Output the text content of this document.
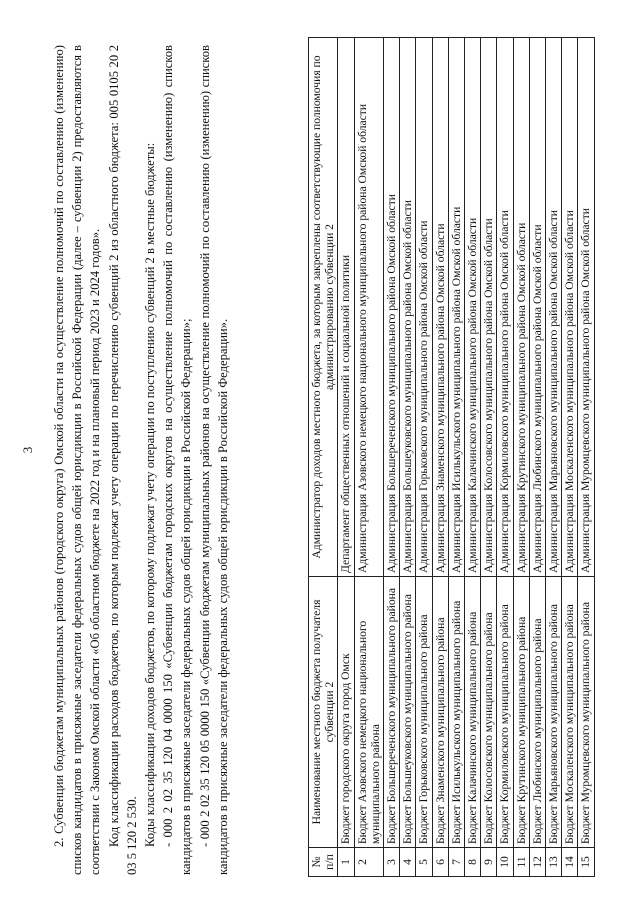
3 2. Субвенции бюджетам муниципальных районов (городского округа) Омской области на осуществление полномочий по составлению (изменению) списков кандидатов в присяжные заседатели федеральных судов общей юрисдикции в Российской Федерации (далее – субвенции 2) предоставляются в соответствии с Законом Омской области «Об областном бюджете на 2022 год и на плановый период 2023 и 2024 годов». Код классификации расходов бюджетов, по которым подлежат учету операции по перечислению субвенций 2 из областного бюджета: 005 0105 20 2 03 5 120 2 530. Коды классификации доходов бюджетов, по которому подлежат учету операции по поступлению субвенций 2 в местные бюджеты: - 000 2 02 35 120 04 0000 150 «Субвенции бюджетам городских округов на осуществление полномочий по составлению (изменению) списков кандидатов в присяжные заседатели федеральных судов общей юрисдикции в Российской Федерации»; - 000 2 02 35 120 05 0000 150 «Субвенции бюджетам муниципальных районов на осуществление полномочий по составлению (изменению) списков кандидатов в присяжные заседатели федеральных судов общей юрисдикции в Российской Федерации».	№ п/п	Наименование местного бюджета получателя субвенции 2	Администратор доходов местного бюджета, за которым закреплены соответствующие полномочия по администрированию субвенции 2
1	Бюджет городского округа город Омск	Департамент общественных отношений и социальной политики
2	Бюджет Азовского немецкого национального муниципального района	Администрация Азовского немецкого национального муниципального района Омской области
3	Бюджет Большереченского муниципального района	Администрация Большереченского муниципального района Омской области
4	Бюджет Большеуковского муниципального района	Администрация Большеуковского муниципального района Омской области
5	Бюджет Горьковского муниципального района	Администрация Горьковского муниципального района Омской области
6	Бюджет Знаменского муниципального района	Администрация Знаменского муниципального района Омской области
7	Бюджет Исилькульского муниципального района	Администрация Исилькульского муниципального района Омской области
8	Бюджет Калачинского муниципального района	Администрация Калачинского муниципального района Омской области
9	Бюджет Колосовского муниципального района	Администрация Колосовского муниципального района Омской области
10	Бюджет Кормиловского муниципального района	Администрация Кормиловского муниципального района Омской области
11	Бюджет Крутинского муниципального района	Администрация Крутинского муниципального района Омской области
12	Бюджет Любинского муниципального района	Администрация Любинского муниципального района Омской области
13	Бюджет Марьяновского муниципального района	Администрация Марьяновского муниципального района Омской области
14	Бюджет Москаленского муниципального района	Администрация Москаленского муниципального района Омской области
15	Бюджет Муромцевского муниципального района	Администрация Муромцевского муниципального района Омской области
